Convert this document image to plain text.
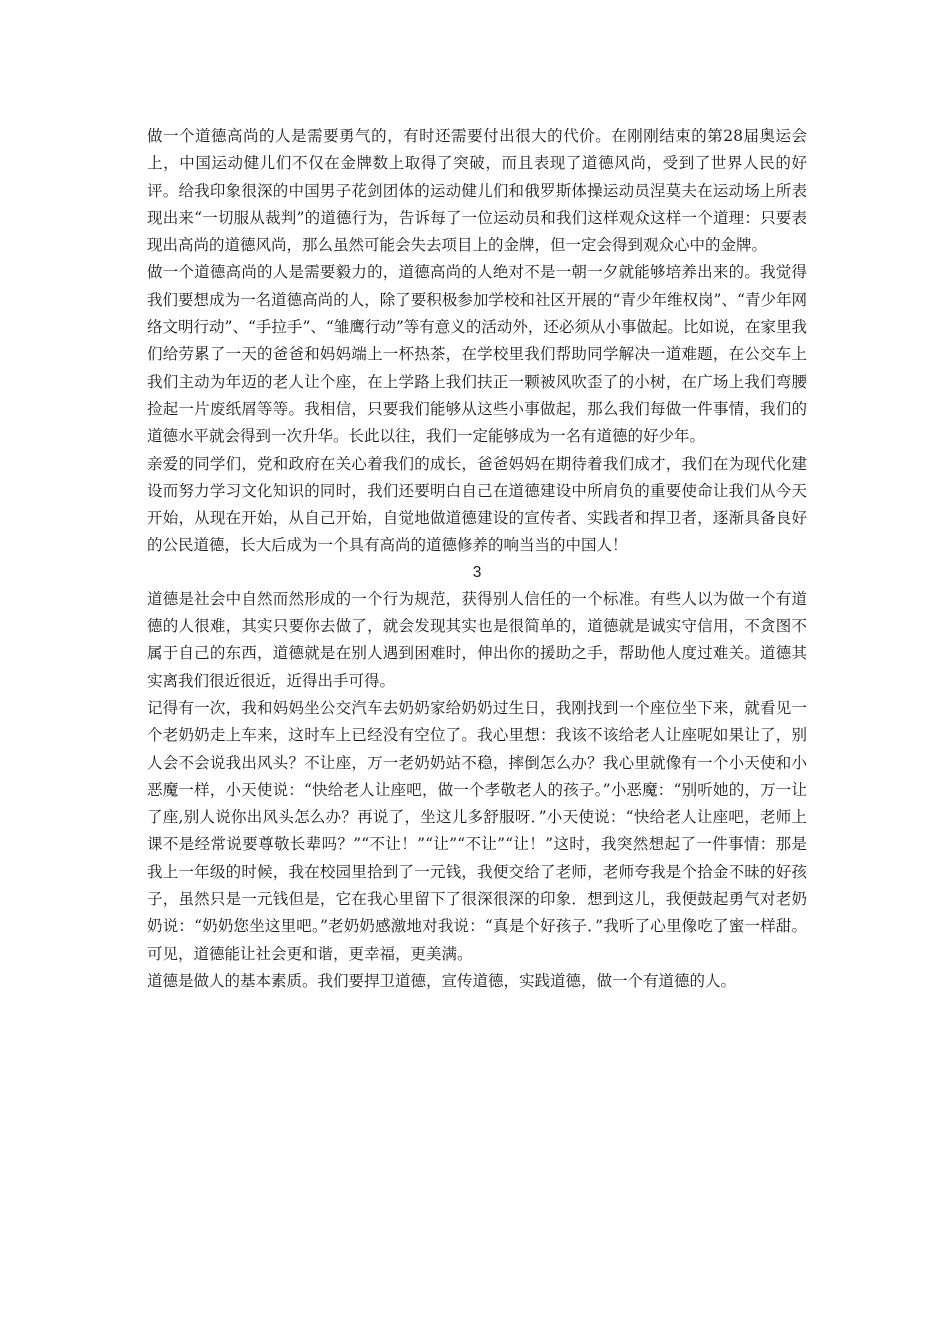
做一个道德高尚的人是需要勇气的，有时还需要付出很大的代价。在刚刚结束的第28届奥运会上，中国运动健儿们不仅在金牌数上取得了突破，而且表现了道德风尚，受到了世界人民的好评。给我印象很深的中国男子花剑团体的运动健儿们和俄罗斯体操运动员涅莫夫在运动场上所表现出来“一切服从裁判”的道德行为，告诉每了一位运动员和我们这样观众这样一个道理：只要表现出高尚的道德风尚，那么虽然可能会失去项目上的金牌，但一定会得到观众心中的金牌。

做一个道德高尚的人是需要毅力的，道德高尚的人绝对不是一朝一夕就能够培养出来的。我觉得我们要想成为一名道德高尚的人，除了要积极参加学校和社区开展的“青少年维权岗”、“青少年网络文明行动”、“手拉手”、“雏鹰行动”等有意义的活动外，还必须从小事做起。比如说，在家里我们给劳累了一天的爸爸和妈妈端上一杯热茶，在学校里我们帮助同学解决一道难题，在公交车上我们主动为年迈的老人让个座，在上学路上我们扶正一颗被风吹歪了的小树，在广场上我们弯腰捡起一片废纸屑等等。我相信，只要我们能够从这些小事做起，那么我们每做一件事情，我们的道德水平就会得到一次升华。长此以往，我们一定能够成为一名有道德的好少年。

亲爱的同学们，党和政府在关心着我们的成长，爸爸妈妈在期待着我们成才，我们在为现代化建设而努力学习文化知识的同时，我们还要明白自己在道德建设中所肩负的重要使命让我们从今天开始，从现在开始，从自己开始，自觉地做道德建设的宣传者、实践者和捍卫者，逐渐具备良好的公民道德，长大后成为一个具有高尚的道德修养的响当当的中国人！

3

道德是社会中自然而然形成的一个行为规范，获得别人信任的一个标准。有些人以为做一个有道德的人很难，其实只要你去做了，就会发现其实也是很简单的，道德就是诚实守信用，不贪图不属于自己的东西，道德就是在别人遇到困难时，伸出你的援助之手，帮助他人度过难关。道德其实离我们很近很近，近得出手可得。

记得有一次，我和妈妈坐公交汽车去奶奶家给奶奶过生日，我刚找到一个座位坐下来，就看见一个老奶奶走上车来，这时车上已经没有空位了。我心里想：我该不该给老人让座呢如果让了，别人会不会说我出风头？不让座，万一老奶奶站不稳，摔倒怎么办？我心里就像有一个小天使和小恶魔一样，小天使说：“快给老人让座吧，做一个孝敬老人的孩子。”小恶魔：“别听她的，万一让了座,别人说你出风头怎么办？再说了，坐这儿多舒服呀．”小天使说：“快给老人让座吧，老师上课不是经常说要尊敬长辈吗？”“不让！”“让”“不让”“让！”这时，我突然想起了一件事情：那是我上一年级的时候，我在校园里拾到了一元钱，我便交给了老师，老师夸我是个拾金不昧的好孩子，虽然只是一元钱但是，它在我心里留下了很深很深的印象．想到这儿，我便鼓起勇气对老奶奶说：“奶奶您坐这里吧。”老奶奶感激地对我说：“真是个好孩子．”我听了心里像吃了蜜一样甜。可见，道德能让社会更和谐，更幸福，更美满。

道德是做人的基本素质。我们要捍卫道德，宣传道德，实践道德，做一个有道德的人。
